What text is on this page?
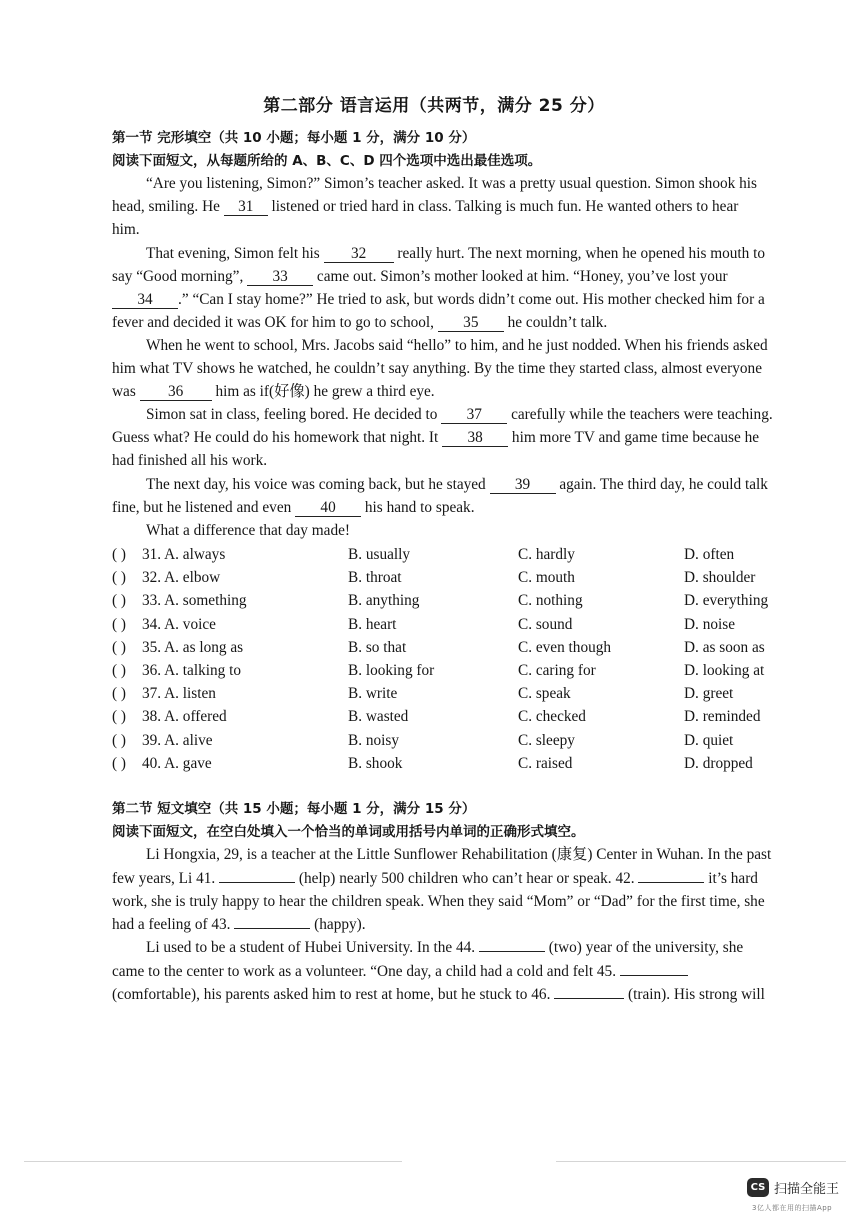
第二部分 语言运用（共两节，满分 25 分）
第一节 完形填空（共 10 小题；每小题 1 分，满分 10 分）
阅读下面短文，从每题所给的 A、B、C、D 四个选项中选出最佳选项。
“Are you listening, Simon?” Simon’s teacher asked. It was a pretty usual question. Simon shook his
head, smiling. He 31 listened or tried hard in class. Talking is much fun. He wanted others to hear
him.
That evening, Simon felt his 32 really hurt. The next morning, when he opened his mouth to
say “Good morning”, 33 came out. Simon’s mother looked at him. “Honey, you’ve lost your
34 .” “Can I stay home?” He tried to ask, but words didn’t come out. His mother checked him for a
fever and decided it was OK for him to go to school, 35 he couldn’t talk.
When he went to school, Mrs. Jacobs said “hello” to him, and he just nodded. When his friends asked
him what TV shows he watched, he couldn’t say anything. By the time they started class, almost everyone
was 36 him as if(好像) he grew a third eye.
Simon sat in class, feeling bored. He decided to 37 carefully while the teachers were teaching.
Guess what? He could do his homework that night. It 38 him more TV and game time because he
had finished all his work.
The next day, his voice was coming back, but he stayed 39 again. The third day, he could talk
fine, but he listened and even 40 his hand to speak.
What a difference that day made!
( ) 31. A. always	B. usually	C. hardly	D. often
( ) 32. A. elbow	B. throat	C. mouth	D. shoulder
( ) 33. A. something	B. anything	C. nothing	D. everything
( ) 34. A. voice	B. heart	C. sound	D. noise
( ) 35. A. as long as	B. so that	C. even though	D. as soon as
( ) 36. A. talking to	B. looking for	C. caring for	D. looking at
( ) 37. A. listen	B. write	C. speak	D. greet
( ) 38. A. offered	B. wasted	C. checked	D. reminded
( ) 39. A. alive	B. noisy	C. sleepy	D. quiet
( ) 40. A. gave	B. shook	C. raised	D. dropped
第二节 短文填空（共 15 小题；每小题 1 分，满分 15 分）
阅读下面短文，在空白处填入一个恰当的单词或用括号内单词的正确形式填空。
Li Hongxia, 29, is a teacher at the Little Sunflower Rehabilitation (康复) Center in Wuhan. In the past
few years, Li 41.	(help) nearly 500 children who can’t hear or speak. 42.	it’s hard
work, she is truly happy to hear the children speak. When they said “Mom” or “Dad” for the first time, she
had a feeling of 43.	(happy).
Li used to be a student of Hubei University. In the 44.	(two) year of the university, she
came to the center to work as a volunteer. “One day, a child had a cold and felt 45.
(comfortable), his parents asked him to rest at home, but he stuck to 46.	(train). His strong will
CS 扫描全能王
3亿人都在用的扫描App
